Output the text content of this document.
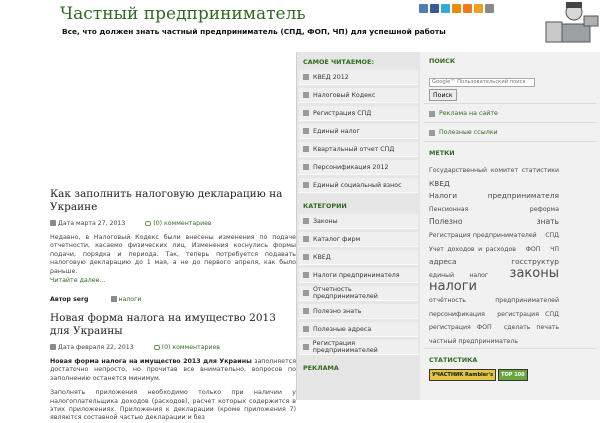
Частный предприниматель
Все, что должен знать частный предприниматель (СПД, ФОП, ЧП) для успешной работы
Как заполнить налоговую декларацию на Украине
Дата марта 27, 2013	(0) комментариев
Недавно, в Налоговый Кодекс были внесены изменения по подаче отчетности, касаемо физических лиц. Изменения коснулись формы подачи, порядка и периода. Так, теперь потребуется подавать налоговую декларацию до 1 мая, а не до первого апреля, как было раньше.
Читайте далее...
Автор serg	налоги
Новая форма налога на имущество 2013 для Украины
Дата февраля 22, 2013	(0) комментариев
Новая форма налога на имущество 2013 для Украины заполняется достаточно непросто, но прочитав все внимательно, вопросов по заполнению останется минимум.
Заполнять приложения необходимо только при наличии у налогоплательщика доходов (расходов), расчет которых содержится в этих приложениях. Приложения к декларации (кроме приложения 7) являются составной частью декларации и без
САМОЕ ЧИТАЕМОЕ:
КВЕД 2012
Налоговый Кодекс
Регистрация СПД
Единый налог
Квартальный отчет СПД
Персонификация 2012
Единый социальный взнос
КАТЕГОРИИ
Законы
Каталог фирм
КВЕД
Налоги предпринимателя
Отчетность предпринимателей
Полезно знать
Полезные адреса
Регистрация предпринимателей
РЕКЛАМА
ПОИСК
Google™ Пользовательский поиск
Поиск
Реклама на сайте
Полезные ссылки
МЕТКИ
Государственный комитет статистики КВЕД Налоги предпринимателя Пенсионная реформа Полезно знать Регистрация предпринимателей СПД Учет доходов и расходов ФОП ЧП адреса	госструктур единый налог законы налоги отчётность предпринимателей персонификация регистрация СПД регистрация ФОП сделать печать частный предприниматель
СТАТИСТИКА
УЧАСТНИК Rambler's	TOP 100
